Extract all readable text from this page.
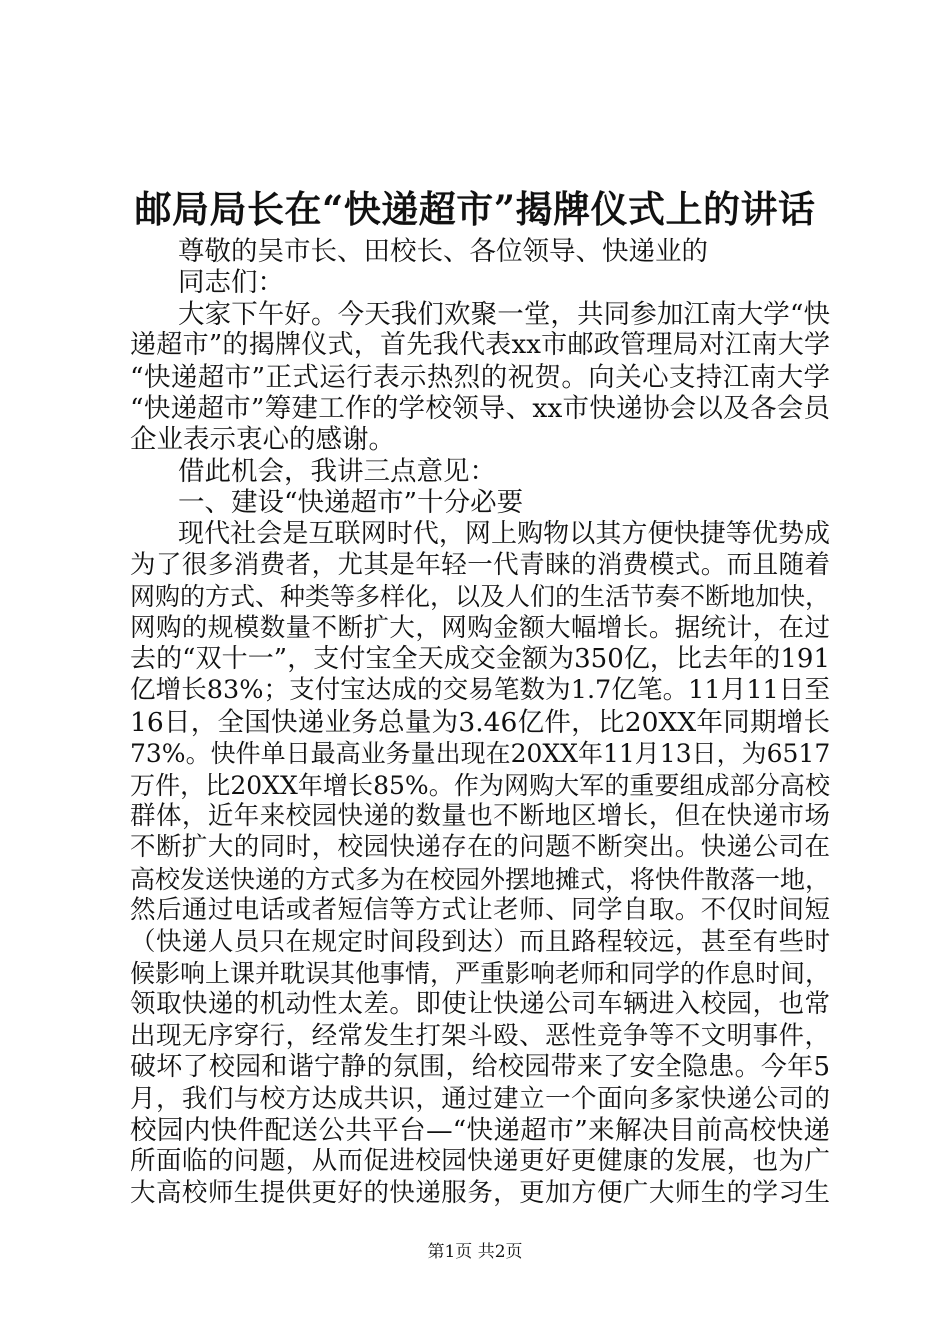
邮局局长在“快递超市”揭牌仪式上的讲话
尊敬的吴市长、田校长、各位领导、快递业的
同志们：
大家下午好。今天我们欢聚一堂，共同参加江南大学“快
递超市”的揭牌仪式，首先我代表xx市邮政管理局对江南大学
“快递超市”正式运行表示热烈的祝贺。向关心支持江南大学
“快递超市”筹建工作的学校领导、xx市快递协会以及各会员
企业表示衷心的感谢。
借此机会，我讲三点意见：
一、建设“快递超市”十分必要
现代社会是互联网时代，网上购物以其方便快捷等优势成
为了很多消费者，尤其是年轻一代青睐的消费模式。而且随着
网购的方式、种类等多样化，以及人们的生活节奏不断地加快，
网购的规模数量不断扩大，网购金额大幅增长。据统计，在过
去的“双十一”，支付宝全天成交金额为350亿，比去年的191
亿增长83%；支付宝达成的交易笔数为1.7亿笔。11月11日至
16日，全国快递业务总量为3.46亿件，比20XX年同期增长
73%。快件单日最高业务量出现在20XX年11月13日，为6517
万件，比20XX年增长85%。作为网购大军的重要组成部分高校
群体，近年来校园快递的数量也不断地区增长，但在快递市场
不断扩大的同时，校园快递存在的问题不断突出。快递公司在
高校发送快递的方式多为在校园外摆地摊式，将快件散落一地，
然后通过电话或者短信等方式让老师、同学自取。不仅时间短
（快递人员只在规定时间段到达）而且路程较远，甚至有些时
候影响上课并耽误其他事情，严重影响老师和同学的作息时间，
领取快递的机动性太差。即使让快递公司车辆进入校园，也常
出现无序穿行，经常发生打架斗殴、恶性竞争等不文明事件，
破坏了校园和谐宁静的氛围，给校园带来了安全隐患。今年5
月，我们与校方达成共识，通过建立一个面向多家快递公司的
校园内快件配送公共平台—“快递超市”来解决目前高校快递
所面临的问题，从而促进校园快递更好更健康的发展，也为广
大高校师生提供更好的快递服务，更加方便广大师生的学习生
第1页 共2页
